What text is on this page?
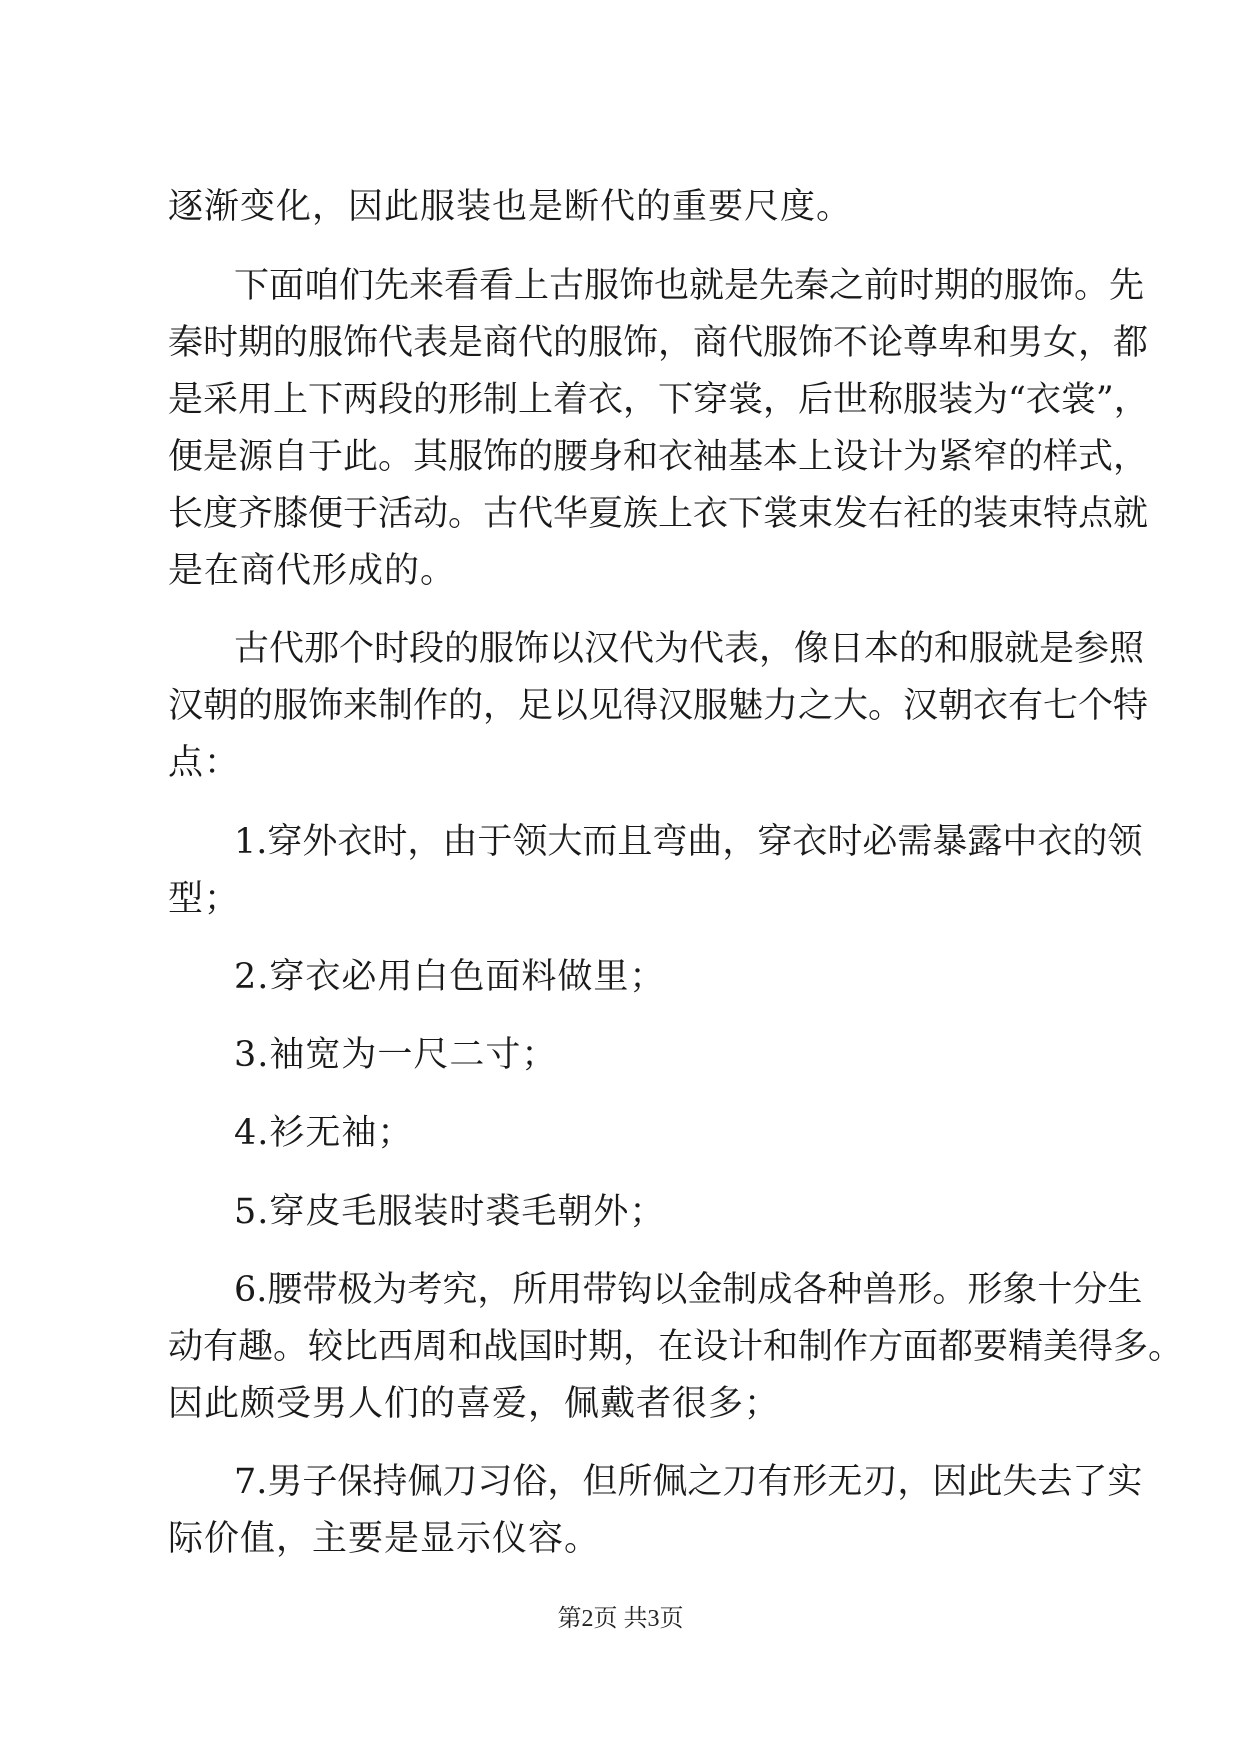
逐渐变化，因此服装也是断代的重要尺度。
下面咱们先来看看上古服饰也就是先秦之前时期的服饰。先
秦时期的服饰代表是商代的服饰，商代服饰不论尊卑和男女，都
是采用上下两段的形制上着衣，下穿裳，后世称服装为“衣裳”，
便是源自于此。其服饰的腰身和衣袖基本上设计为紧窄的样式，
长度齐膝便于活动。古代华夏族上衣下裳束发右衽的装束特点就
是在商代形成的。
古代那个时段的服饰以汉代为代表，像日本的和服就是参照
汉朝的服饰来制作的，足以见得汉服魅力之大。汉朝衣有七个特
点：
1.穿外衣时，由于领大而且弯曲，穿衣时必需暴露中衣的领
型；
2.穿衣必用白色面料做里；
3.袖宽为一尺二寸；
4.衫无袖；
5.穿皮毛服装时裘毛朝外；
6.腰带极为考究，所用带钩以金制成各种兽形。形象十分生
动有趣。较比西周和战国时期，在设计和制作方面都要精美得多。
因此颇受男人们的喜爱，佩戴者很多；
7.男子保持佩刀习俗，但所佩之刀有形无刃，因此失去了实
际价值，主要是显示仪容。
第2页 共3页
